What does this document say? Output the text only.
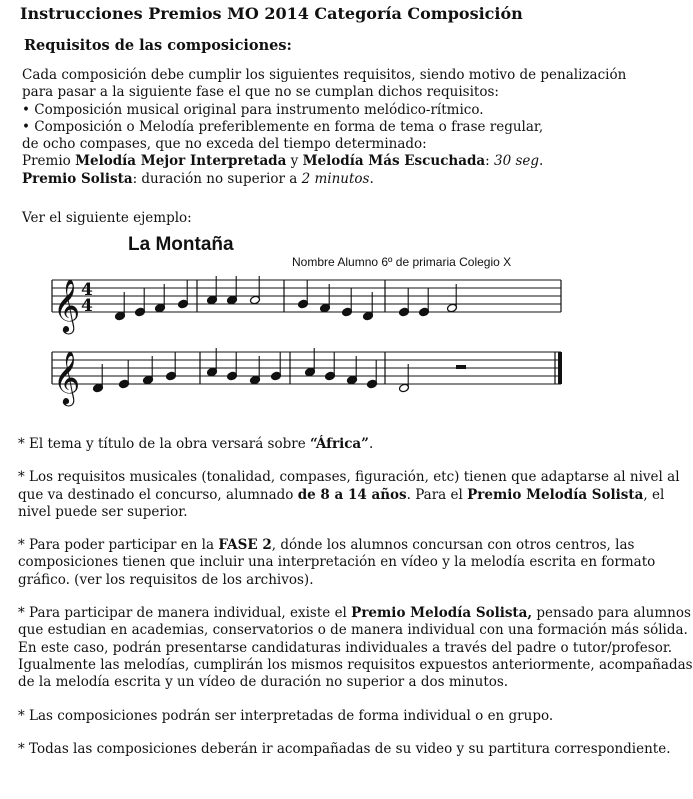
Instrucciones Premios MO 2014 Categoría Composición
Requisitos de las composiciones:
Cada composición debe cumplir los siguientes requisitos, siendo motivo de penalización
para pasar a la siguiente fase el que no se cumplan dichos requisitos:
• Composición musical original para instrumento melódico-rítmico.
• Composición o Melodía preferiblemente en forma de tema o frase regular,
de ocho compases, que no exceda del tiempo determinado:
Premio Melodía Mejor Interpretada y Melodía Más Escuchada: 30 seg.
Premio Solista: duración no superior a 2 minutos.
Ver el siguiente ejemplo:
La Montaña
Nombre Alumno 6º de primaria Colegio X
𝄞 4
4
𝄞

* El tema y título de la obra versará sobre “África”.

* Los requisitos musicales (tonalidad, compases, figuración, etc) tienen que adaptarse al nivel al
que va destinado el concurso, alumnado de 8 a 14 años. Para el Premio Melodía Solista, el
nivel puede ser superior.

* Para poder participar en la FASE 2, dónde los alumnos concursan con otros centros, las
composiciones tienen que incluir una interpretación en vídeo y la melodía escrita en formato
gráfico. (ver los requisitos de los archivos).

* Para participar de manera individual, existe el Premio Melodía Solista, pensado para alumnos
que estudian en academias, conservatorios o de manera individual con una formación más sólida.
En este caso, podrán presentarse candidaturas individuales a través del padre o tutor/profesor.
Igualmente las melodías, cumplirán los mismos requisitos expuestos anteriormente, acompañadas
de la melodía escrita y un vídeo de duración no superior a dos minutos.

* Las composiciones podrán ser interpretadas de forma individual o en grupo.

* Todas las composiciones deberán ir acompañadas de su video y su partitura correspondiente.
